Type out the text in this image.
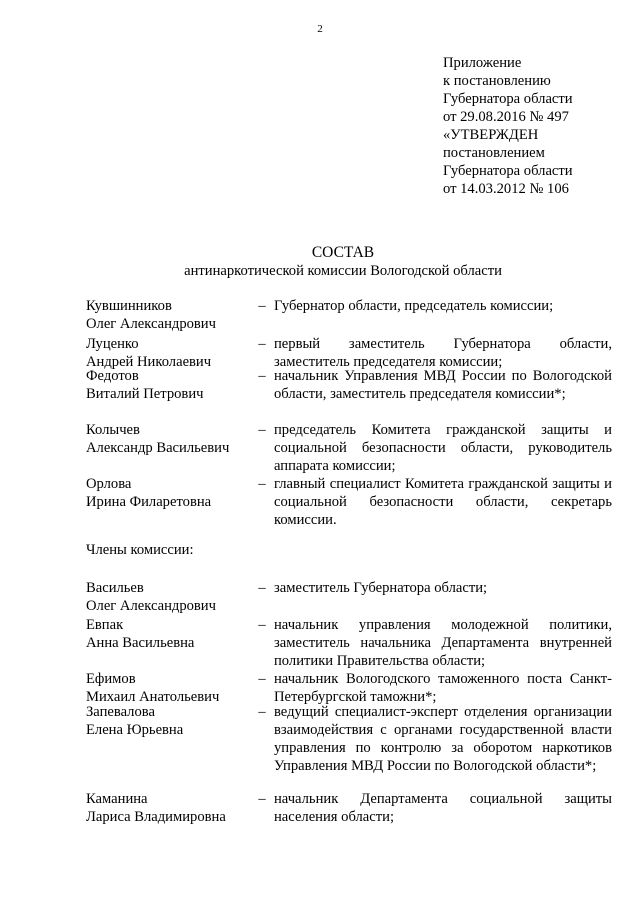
2
Приложение
к постановлению
Губернатора области
от 29.08.2016 № 497
«УТВЕРЖДЕН
постановлением
Губернатора области
от 14.03.2012 № 106
СОСТАВ
антинаркотической комиссии Вологодской области
Кувшинников
Олег Александрович
– Губернатор области, председатель комиссии;
Луценко
Андрей Николаевич
– первый заместитель Губернатора области, заместитель председателя комиссии;
Федотов
Виталий Петрович
– начальник Управления МВД России по Вологодской области, заместитель председателя комиссии*;
Колычев
Александр Васильевич
– председатель Комитета гражданской защиты и социальной безопасности области, руководитель аппарата комиссии;
Орлова
Ирина Филаретовна
– главный специалист Комитета гражданской защиты и социальной безопасности области, секретарь комиссии.
Члены комиссии:
Васильев
Олег Александрович
– заместитель Губернатора области;
Евпак
Анна Васильевна
– начальник управления молодежной политики, заместитель начальника Департамента внутренней политики Правительства области;
Ефимов
Михаил Анатольевич
– начальник Вологодского таможенного поста Санкт-Петербургской таможни*;
Запевалова
Елена Юрьевна
– ведущий специалист-эксперт отделения организации взаимодействия с органами государственной власти управления по контролю за оборотом наркотиков Управления МВД России по Вологодской области*;
Каманина
Лариса Владимировна
– начальник Департамента социальной защиты населения области;
